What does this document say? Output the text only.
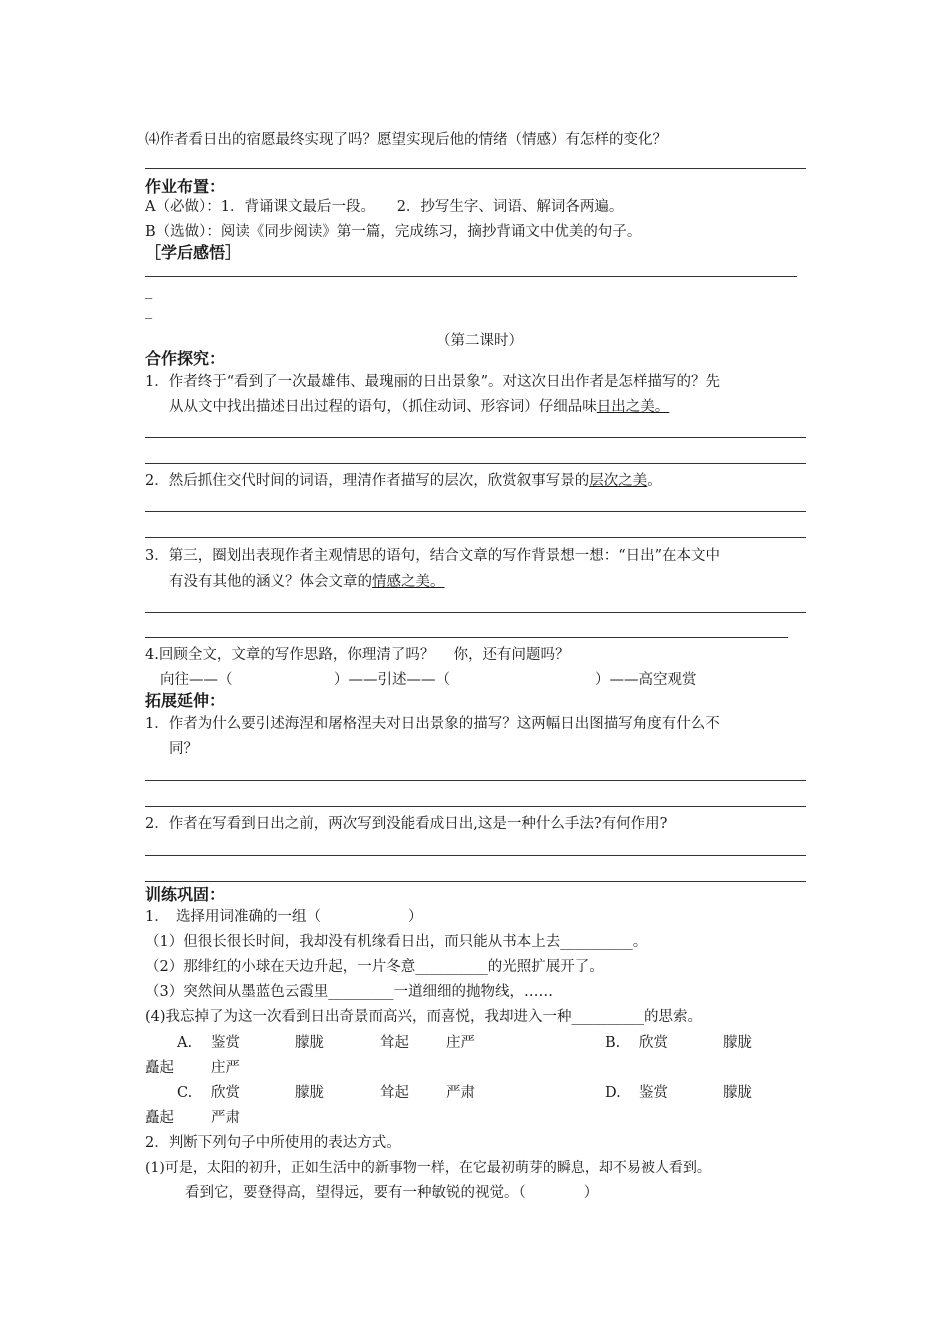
⑷作者看日出的宿愿最终实现了吗？愿望实现后他的情绪（情感）有怎样的变化？
作业布置：
A（必做）：1．背诵课文最后一段。　　2．抄写生字、词语、解词各两遍。
B（选做）：阅读《同步阅读》第一篇，完成练习，摘抄背诵文中优美的句子。
［学后感悟］
_
_
（第二课时）
合作探究：
1．作者终于“看到了一次最雄伟、最瑰丽的日出景象”。对这次日出作者是怎样描写的？先
从从文中找出描述日出过程的语句，（抓住动词、形容词）仔细品味日出之美。
2．然后抓住交代时间的词语，理清作者描写的层次，欣赏叙事写景的层次之美。
3．第三，圈划出表现作者主观情思的语句，结合文章的写作背景想一想：“日出”在本文中
有没有其他的涵义？体会文章的情感之美。
4.回顾全文，文章的写作思路，你理清了吗？　 你，还有问题吗？
向往——（　　　　　　　）——引述——（　　　　　　　　　　）——高空观赏
拓展延伸：
1．作者为什么要引述海涅和屠格涅夫对日出景象的描写？这两幅日出图描写角度有什么不
同？
2．作者在写看到日出之前，两次写到没能看成日出,这是一种什么手法?有何作用?
训练巩固：
1．　选择用词准确的一组（　　　　　　）
（1）但很长很长时间，我却没有机缘看日出，而只能从书本上去__________。
（2）那绯红的小球在天边升起，一片冬意__________的光照扩展开了。
（3）突然间从墨蓝色云霞里_________一道细细的抛物线，……
(4)我忘掉了为这一次看到日出奇景而高兴，而喜悦，我却进入一种__________的思索。
A. 鉴赏	朦胧	耸起	庄严	B. 欣赏	朦胧
矗起	庄严
C. 欣赏	朦胧	耸起	严肃	D. 鉴赏	朦胧
矗起	严肃
2．判断下列句子中所使用的表达方式。
(1)可是，太阳的初升，正如生活中的新事物一样，在它最初萌芽的瞬息，却不易被人看到。
看到它，要登得高，望得远，要有一种敏锐的视觉。（　　　　）
